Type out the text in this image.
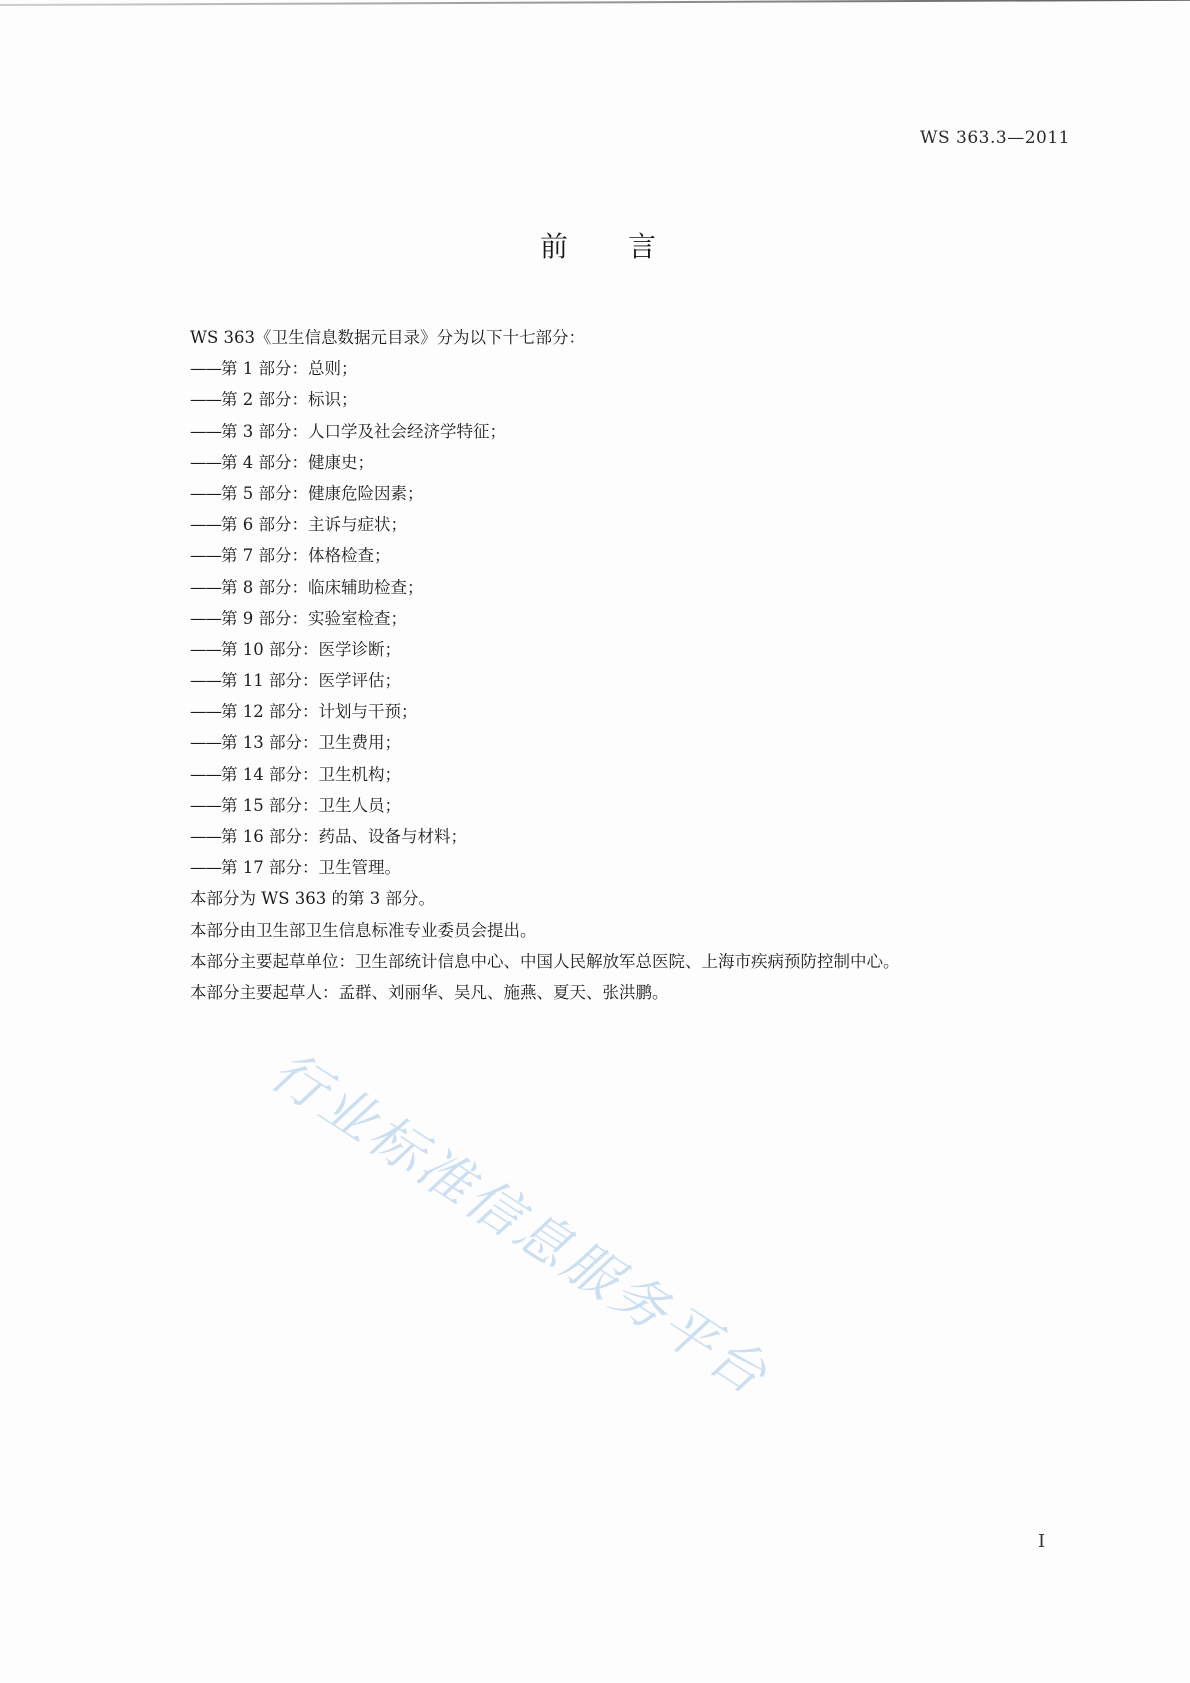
WS 363.3—2011
前言
WS 363《卫生信息数据元目录》分为以下十七部分：
——第 1 部分：总则；
——第 2 部分：标识；
——第 3 部分：人口学及社会经济学特征；
——第 4 部分：健康史；
——第 5 部分：健康危险因素；
——第 6 部分：主诉与症状；
——第 7 部分：体格检查；
——第 8 部分：临床辅助检查；
——第 9 部分：实验室检查；
——第 10 部分：医学诊断；
——第 11 部分：医学评估；
——第 12 部分：计划与干预；
——第 13 部分：卫生费用；
——第 14 部分：卫生机构；
——第 15 部分：卫生人员；
——第 16 部分：药品、设备与材料；
——第 17 部分：卫生管理。
本部分为 WS 363 的第 3 部分。
本部分由卫生部卫生信息标准专业委员会提出。
本部分主要起草单位：卫生部统计信息中心、中国人民解放军总医院、上海市疾病预防控制中心。
本部分主要起草人：孟群、刘丽华、吴凡、施燕、夏天、张洪鹏。
行业标准信息服务平台
I
